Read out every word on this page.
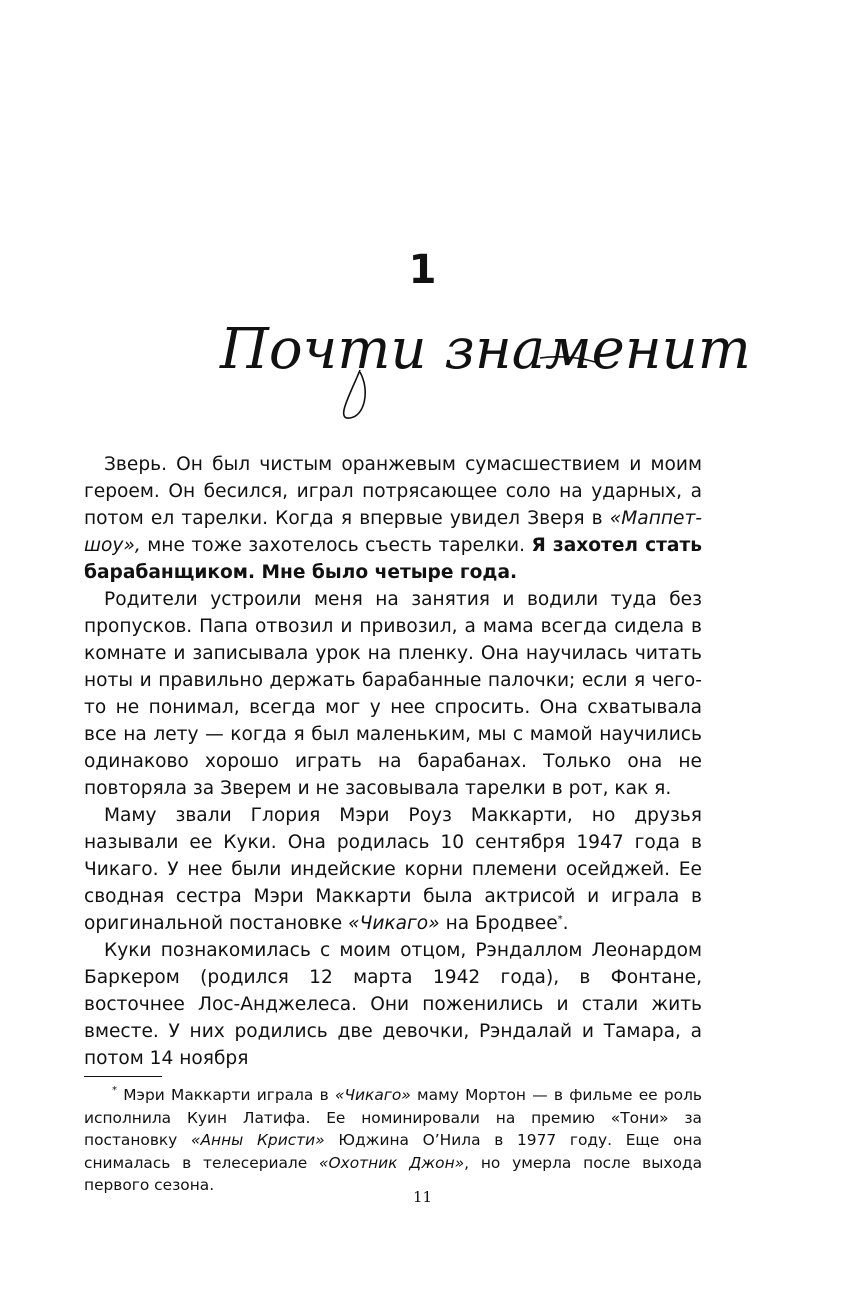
1
Почти знаменит

Зверь. Он был чистым оранжевым сумасшествием и моим героем. Он бесился, играл потрясающее соло на ударных, а потом ел тарелки. Когда я впервые увидел Зверя в «Маппет-шоу», мне тоже захотелось съесть тарелки. Я захотел стать барабанщиком. Мне было четыре года.

Родители устроили меня на занятия и водили туда без пропусков. Папа отвозил и привозил, а мама всегда сидела в комнате и записывала урок на пленку. Она научилась читать ноты и правильно держать барабанные палочки; если я чего-то не понимал, всегда мог у нее спросить. Она схватывала все на лету — когда я был маленьким, мы с мамой научились одинаково хорошо играть на барабанах. Только она не повторяла за Зверем и не засовывала тарелки в рот, как я.

Маму звали Глория Мэри Роуз Маккарти, но друзья называли ее Куки. Она родилась 10 сентября 1947 года в Чикаго. У нее были индейские корни племени осейджей. Ее сводная сестра Мэри Маккарти была актрисой и играла в оригинальной постановке «Чикаго» на Бродвее*.

Куки познакомилась с моим отцом, Рэндаллом Леонардом Баркером (родился 12 марта 1942 года), в Фонтане, восточнее Лос-Анджелеса. Они поженились и стали жить вместе. У них родились две девочки, Рэндалай и Тамара, а потом 14 ноября

* Мэри Маккарти играла в «Чикаго» маму Мортон — в фильме ее роль исполнила Куин Латифа. Ее номинировали на премию «Тони» за постановку «Анны Кристи» Юджина О’Нила в 1977 году. Еще она снималась в телесериале «Охотник Джон», но умерла после выхода первого сезона.

11
